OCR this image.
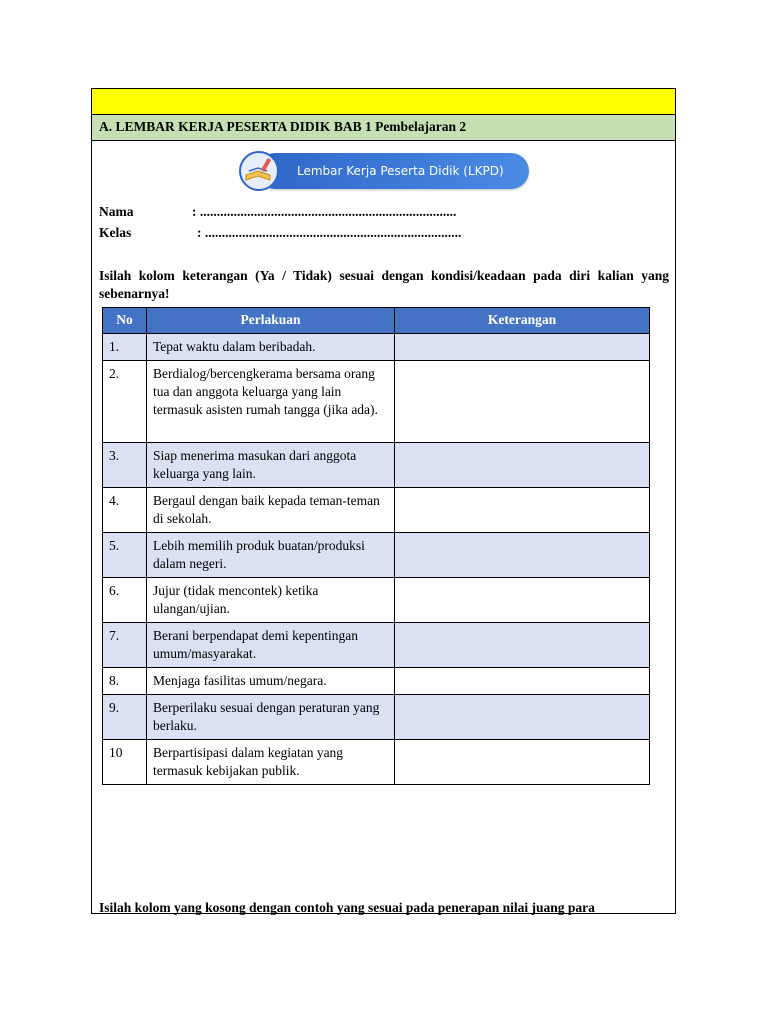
A. LEMBAR KERJA PESERTA DIDIK BAB 1 Pembelajaran 2
Lembar Kerja Peserta Didik (LKPD)
Nama	: ............................................................................
Kelas	: ............................................................................
Isilah kolom keterangan (Ya / Tidak) sesuai dengan kondisi/keadaan pada diri kalian yang sebenarnya!
No	Perlakuan	Keterangan
1.	Tepat waktu dalam beribadah.	
2.	Berdialog/bercengkerama bersama orang tua dan anggota keluarga yang lain termasuk asisten rumah tangga (jika ada).	
3.	Siap menerima masukan dari anggota keluarga yang lain.	
4.	Bergaul dengan baik kepada teman-teman di sekolah.	
5.	Lebih memilih produk buatan/produksi dalam negeri.	
6.	Jujur (tidak mencontek) ketika ulangan/ujian.	
7.	Berani berpendapat demi kepentingan umum/masyarakat.	
8.	Menjaga fasilitas umum/negara.	
9.	Berperilaku sesuai dengan peraturan yang berlaku.	
10	Berpartisipasi dalam kegiatan yang termasuk kebijakan publik.	
Isilah kolom yang kosong dengan contoh yang sesuai pada penerapan nilai juang para
